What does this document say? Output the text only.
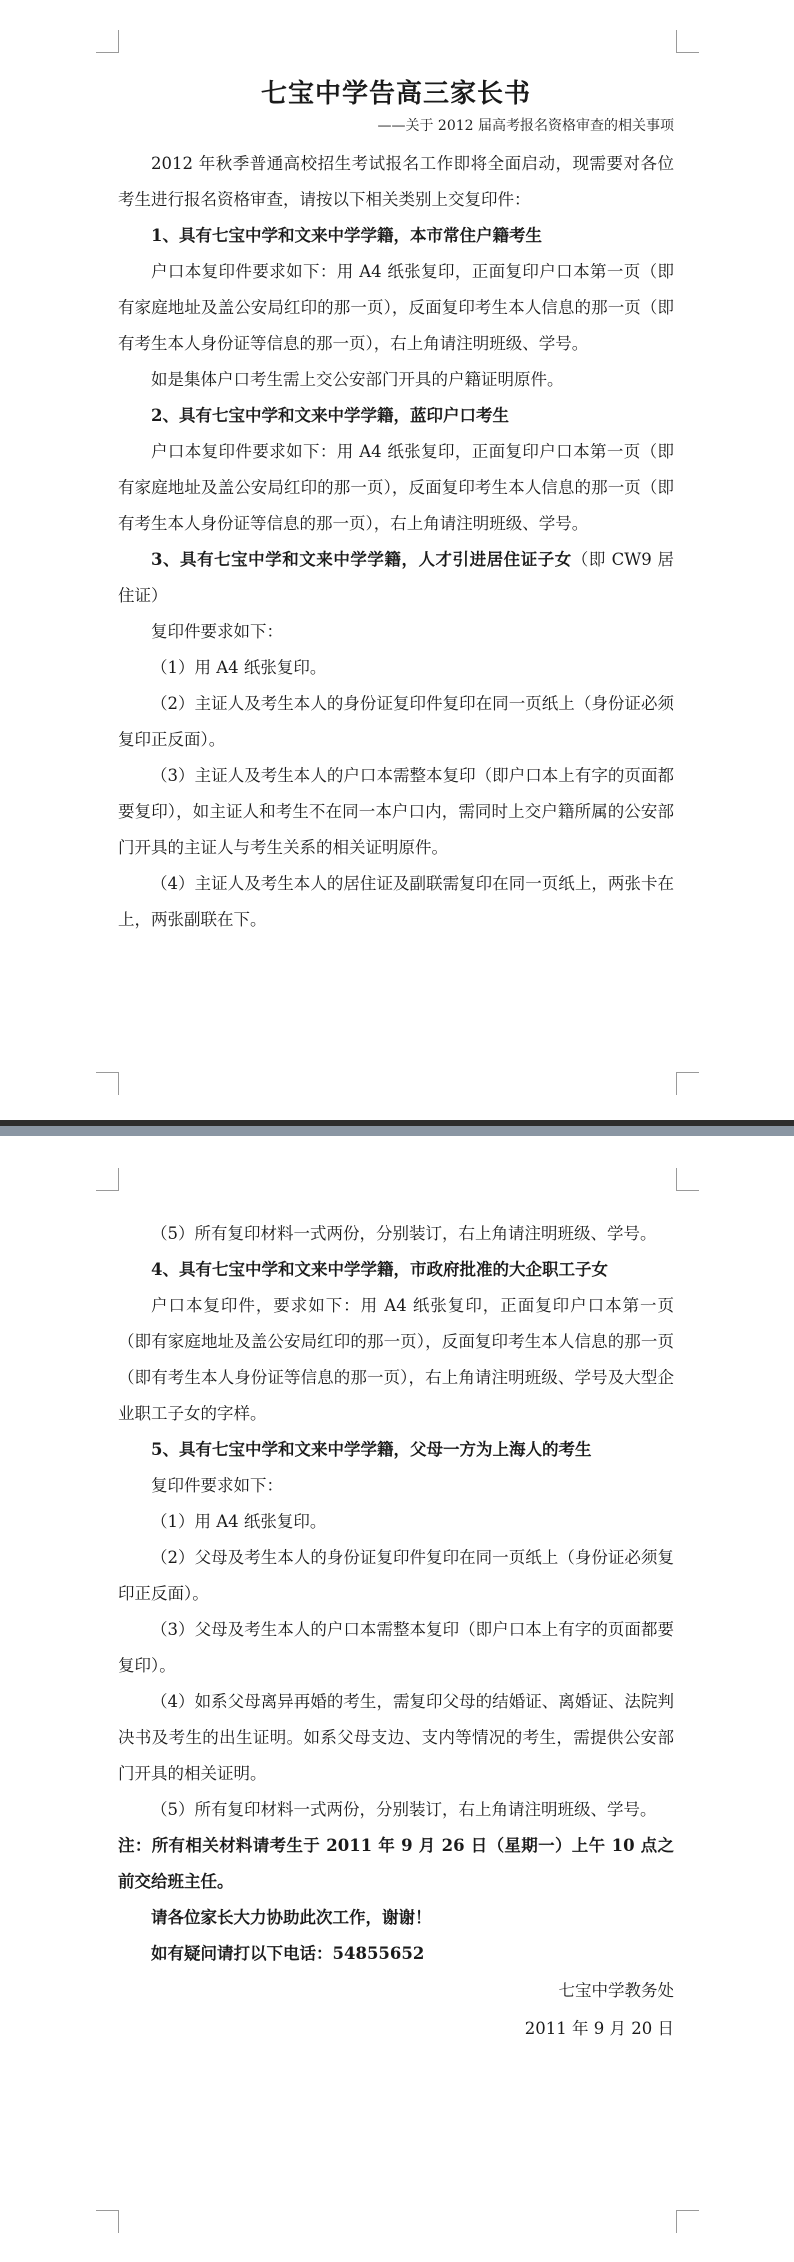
七宝中学告高三家长书
——关于 2012 届高考报名资格审查的相关事项

2012 年秋季普通高校招生考试报名工作即将全面启动，现需要对各位考生进行报名资格审查，请按以下相关类别上交复印件：

1、具有七宝中学和文来中学学籍，本市常住户籍考生

户口本复印件要求如下：用 A4 纸张复印，正面复印户口本第一页（即有家庭地址及盖公安局红印的那一页），反面复印考生本人信息的那一页（即有考生本人身份证等信息的那一页），右上角请注明班级、学号。

如是集体户口考生需上交公安部门开具的户籍证明原件。

2、具有七宝中学和文来中学学籍，蓝印户口考生

户口本复印件要求如下：用 A4 纸张复印，正面复印户口本第一页（即有家庭地址及盖公安局红印的那一页），反面复印考生本人信息的那一页（即有考生本人身份证等信息的那一页），右上角请注明班级、学号。

3、具有七宝中学和文来中学学籍，人才引进居住证子女（即 CW9 居住证）

复印件要求如下：

（1）用 A4 纸张复印。

（2）主证人及考生本人的身份证复印件复印在同一页纸上（身份证必须复印正反面）。

（3）主证人及考生本人的户口本需整本复印（即户口本上有字的页面都要复印），如主证人和考生不在同一本户口内，需同时上交户籍所属的公安部门开具的主证人与考生关系的相关证明原件。

（4）主证人及考生本人的居住证及副联需复印在同一页纸上，两张卡在上，两张副联在下。

（5）所有复印材料一式两份，分别装订，右上角请注明班级、学号。

4、具有七宝中学和文来中学学籍，市政府批准的大企职工子女

户口本复印件，要求如下：用 A4 纸张复印，正面复印户口本第一页（即有家庭地址及盖公安局红印的那一页），反面复印考生本人信息的那一页（即有考生本人身份证等信息的那一页），右上角请注明班级、学号及大型企业职工子女的字样。

5、具有七宝中学和文来中学学籍，父母一方为上海人的考生

复印件要求如下：

（1）用 A4 纸张复印。

（2）父母及考生本人的身份证复印件复印在同一页纸上（身份证必须复印正反面）。

（3）父母及考生本人的户口本需整本复印（即户口本上有字的页面都要复印）。

（4）如系父母离异再婚的考生，需复印父母的结婚证、离婚证、法院判决书及考生的出生证明。如系父母支边、支内等情况的考生，需提供公安部门开具的相关证明。

（5）所有复印材料一式两份，分别装订，右上角请注明班级、学号。

注：所有相关材料请考生于 2011 年 9 月 26 日（星期一）上午 10 点之前交给班主任。

请各位家长大力协助此次工作，谢谢！

如有疑问请打以下电话：54855652

七宝中学教务处

2011 年 9 月 20 日
